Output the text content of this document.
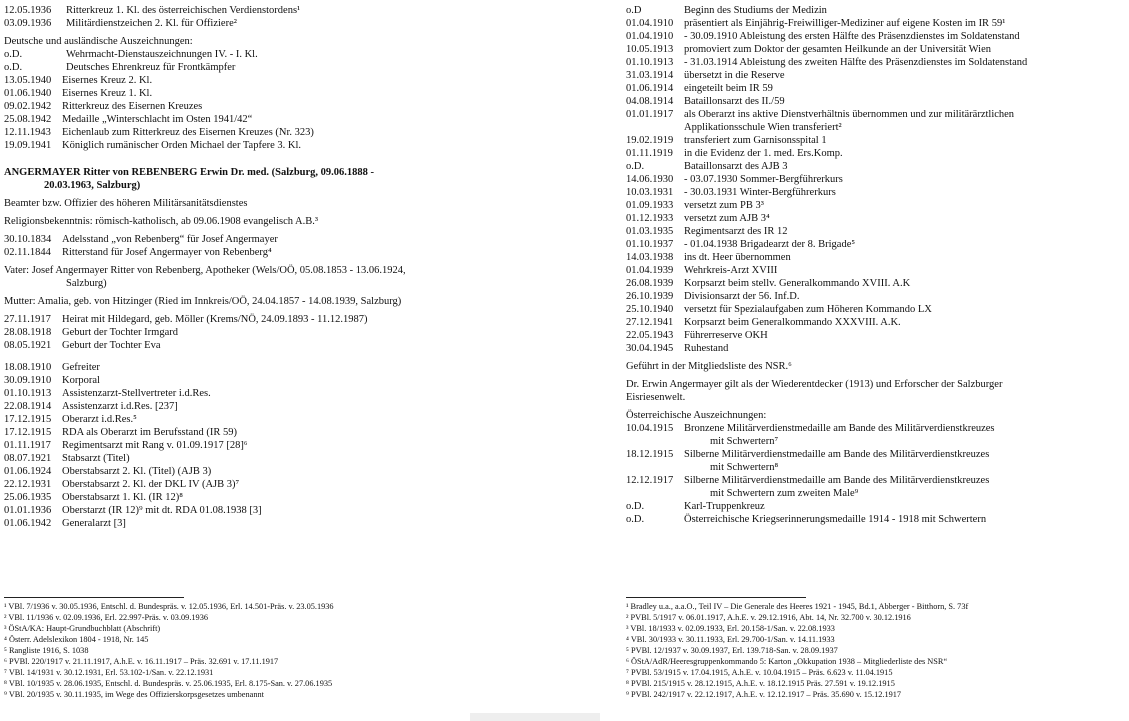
12.05.1936 Ritterkreuz 1. Kl. des österreichischen Verdienstordens¹
03.09.1936 Militärdienstzeichen 2. Kl. für Offiziere²
Deutsche und ausländische Auszeichnungen:
o.D.	Wehrmacht-Dienstauszeichnungen IV. - I. Kl.
o.D.	Deutsches Ehrenkreuz für Frontkämpfer
13.05.1940 Eisernes Kreuz 2. Kl.
01.06.1940 Eisernes Kreuz 1. Kl.
09.02.1942 Ritterkreuz des Eisernen Kreuzes
25.08.1942 Medaille „Winterschlacht im Osten 1941/42“
12.11.1943 Eichenlaub zum Ritterkreuz des Eisernen Kreuzes (Nr. 323)
19.09.1941 Königlich rumänischer Orden Michael der Tapfere 3. Kl.
ANGERMAYER Ritter von REBENBERG Erwin Dr. med. (Salzburg, 09.06.1888 -
20.03.1963, Salzburg)
Beamter bzw. Offizier des höheren Militärsanitätsdienstes
Religionsbekenntnis: römisch-katholisch, ab 09.06.1908 evangelisch A.B.³
30.10.1834 Adelsstand „von Rebenberg“ für Josef Angermayer
02.11.1844 Ritterstand für Josef Angermayer von Rebenberg⁴
Vater: Josef Angermayer Ritter von Rebenberg, Apotheker (Wels/OÖ, 05.08.1853 - 13.06.1924,
Salzburg)
Mutter: Amalia, geb. von Hitzinger (Ried im Innkreis/OÖ, 24.04.1857 - 14.08.1939, Salzburg)
27.11.1917 Heirat mit Hildegard, geb. Möller (Krems/NÖ, 24.09.1893 - 11.12.1987)
28.08.1918 Geburt der Tochter Irmgard
08.05.1921 Geburt der Tochter Eva
18.08.1910 Gefreiter
30.09.1910 Korporal
01.10.1913 Assistenzarzt-Stellvertreter i.d.Res.
22.08.1914 Assistenzarzt i.d.Res. [237]
17.12.1915 Oberarzt i.d.Res.⁵
17.12.1915 RDA als Oberarzt im Berufsstand (IR 59)
01.11.1917 Regimentsarzt mit Rang v. 01.09.1917 [28]⁶
08.07.1921 Stabsarzt (Titel)
01.06.1924 Oberstabsarzt 2. Kl. (Titel) (AJB 3)
22.12.1931 Oberstabsarzt 2. Kl. der DKL IV (AJB 3)⁷
25.06.1935 Oberstabsarzt 1. Kl. (IR 12)⁸
01.01.1936 Oberstarzt (IR 12)⁹ mit dt. RDA 01.08.1938 [3]
01.06.1942 Generalarzt [3]
o.D	Beginn des Studiums der Medizin
01.04.1910 präsentiert als Einjährig-Freiwilliger-Mediziner auf eigene Kosten im IR 59¹
01.04.1910 - 30.09.1910 Ableistung des ersten Hälfte des Präsenzdienstes im Soldatenstand
10.05.1913 promoviert zum Doktor der gesamten Heilkunde an der Universität Wien
01.10.1913 - 31.03.1914 Ableistung des zweiten Hälfte des Präsenzdienstes im Soldatenstand
31.03.1914 übersetzt in die Reserve
01.06.1914 eingeteilt beim IR 59
04.08.1914 Bataillonsarzt des II./59
01.01.1917 als Oberarzt ins aktive Dienstverhältnis übernommen und zur militärärztlichen
Applikationsschule Wien transferiert²
19.02.1919 transferiert zum Garnisonsspital 1
01.11.1919 in die Evidenz der 1. med. Ers.Komp.
o.D.	Bataillonsarzt des AJB 3
14.06.1930 - 03.07.1930 Sommer-Bergführerkurs
10.03.1931 - 30.03.1931 Winter-Bergführerkurs
01.09.1933 versetzt zum PB 3³
01.12.1933 versetzt zum AJB 3⁴
01.03.1935 Regimentsarzt des IR 12
01.10.1937 - 01.04.1938 Brigadearzt der 8. Brigade⁵
14.03.1938 ins dt. Heer übernommen
01.04.1939 Wehrkreis-Arzt XVIII
26.08.1939 Korpsarzt beim stellv. Generalkommando XVIII. A.K
26.10.1939 Divisionsarzt der 56. Inf.D.
25.10.1940 versetzt für Spezialaufgaben zum Höheren Kommando LX
27.12.1941 Korpsarzt beim Generalkommando XXXVIII. A.K.
22.05.1943 Führerreserve OKH
30.04.1945 Ruhestand
Geführt in der Mitgliedsliste des NSR.⁶
Dr. Erwin Angermayer gilt als der Wiederentdecker (1913) und Erforscher der Salzburger
Eisriesenwelt.
Österreichische Auszeichnungen:
10.04.1915 Bronzene Militärverdienstmedaille am Bande des Militärverdienstkreuzes
mit Schwertern⁷
18.12.1915 Silberne Militärverdienstmedaille am Bande des Militärverdienstkreuzes
mit Schwertern⁸
12.12.1917 Silberne Militärverdienstmedaille am Bande des Militärverdienstkreuzes
mit Schwertern zum zweiten Male⁹
o.D.	Karl-Truppenkreuz
o.D.	Österreichische Kriegserinnerungsmedaille 1914 - 1918 mit Schwertern
¹ VBl. 7/1936 v. 30.05.1936, Entschl. d. Bundespräs. v. 12.05.1936, Erl. 14.501-Präs. v. 23.05.1936
² VBl. 11/1936 v. 02.09.1936, Erl. 22.997-Präs. v. 03.09.1936
³ ÖStA/KA: Haupt-Grundbuchblatt (Abschrift)
⁴ Österr. Adelslexikon 1804 - 1918, Nr. 145
⁵ Rangliste 1916, S. 1038
⁶ PVBl. 220/1917 v. 21.11.1917, A.h.E. v. 16.11.1917 – Präs. 32.691 v. 17.11.1917
⁷ VBl. 14/1931 v. 30.12.1931, Erl. 53.102-1/San. v. 22.12.1931
⁸ VBl. 10/1935 v. 28.06.1935, Entschl. d. Bundespräs. v. 25.06.1935, Erl. 8.175-San. v. 27.06.1935
⁹ VBl. 20/1935 v. 30.11.1935, im Wege des Offizierskorpsgesetzes umbenannt
¹ Bradley u.a., a.a.O., Teil IV – Die Generale des Heeres 1921 - 1945, Bd.1, Abberger - Bitthorn, S. 73f
² PVBl. 5/1917 v. 06.01.1917, A.h.E. v. 29.12.1916, Abt. 14, Nr. 32.700 v. 30.12.1916
³ VBl. 18/1933 v. 02.09.1933, Erl. 20.158-1/San. v. 22.08.1933
⁴ VBl. 30/1933 v. 30.11.1933, Erl. 29.700-1/San. v. 14.11.1933
⁵ PVBl. 12/1937 v. 30.09.1937, Erl. 139.718-San. v. 28.09.1937
⁶ ÖStA/AdR/Heeresgruppenkommando 5: Karton „Okkupation 1938 – Mitgliederliste des NSR“
⁷ PVBl. 53/1915 v. 17.04.1915, A.h.E. v. 10.04.1915 – Präs. 6.623 v. 11.04.1915
⁸ PVBl. 215/1915 v. 28.12.1915, A.h.E. v. 18.12.1915 Präs. 27.591 v. 19.12.1915
⁹ PVBl. 242/1917 v. 22.12.1917, A.h.E. v. 12.12.1917 – Präs. 35.690 v. 15.12.1917
